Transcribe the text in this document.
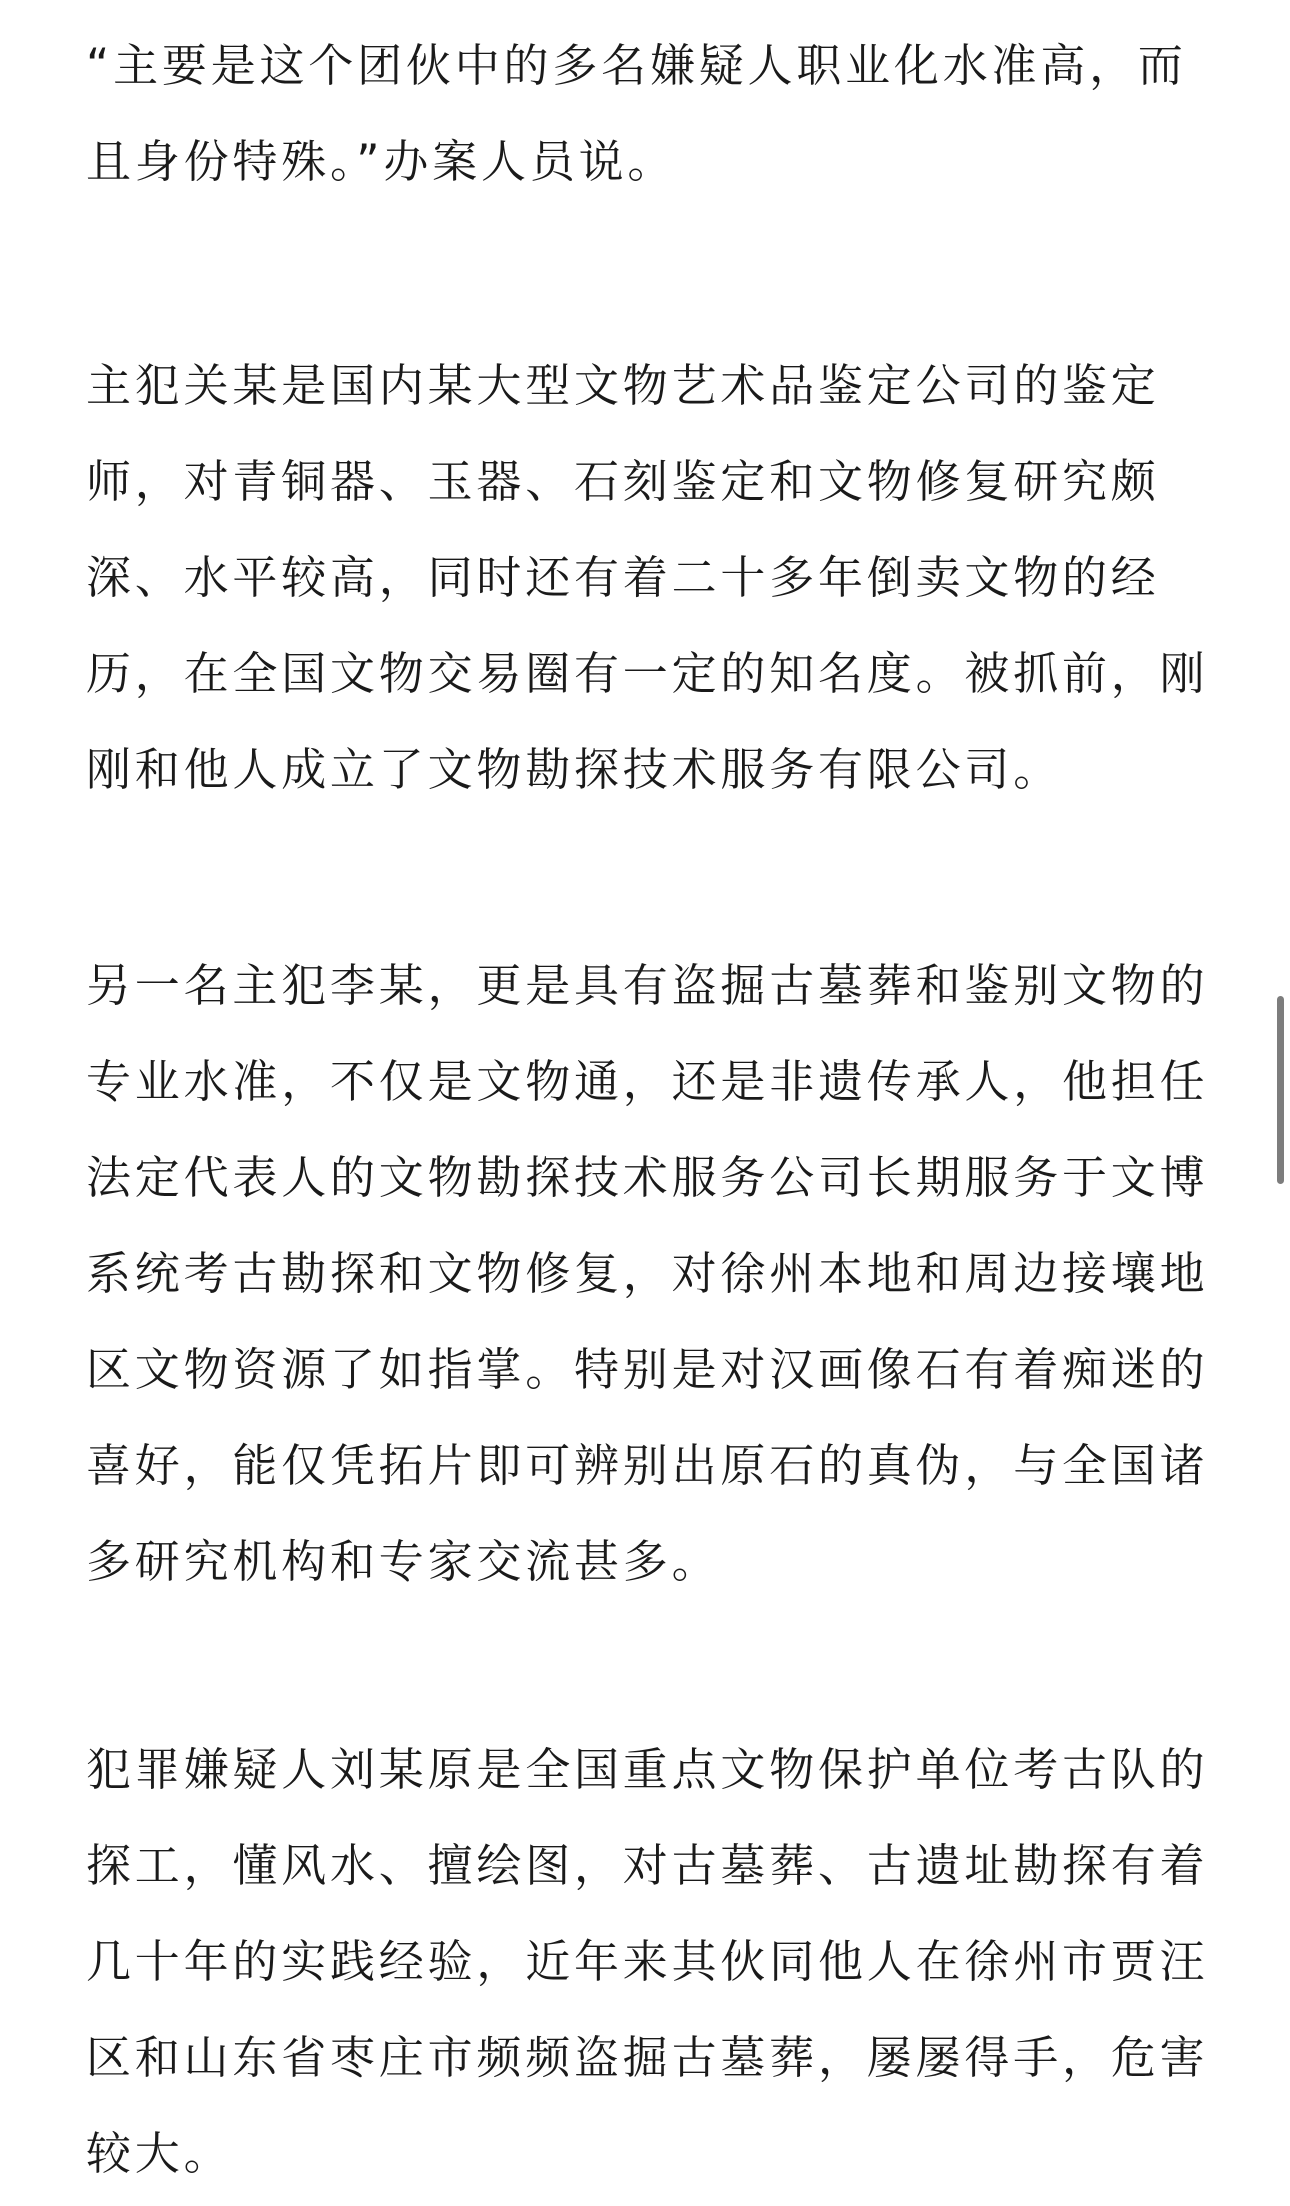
“主要是这个团伙中的多名嫌疑人职业化水准高，而
且身份特殊。”办案人员说。
主犯关某是国内某大型文物艺术品鉴定公司的鉴定
师，对青铜器、玉器、石刻鉴定和文物修复研究颇
深、水平较高，同时还有着二十多年倒卖文物的经
历，在全国文物交易圈有一定的知名度。被抓前，刚
刚和他人成立了文物勘探技术服务有限公司。
另一名主犯李某，更是具有盗掘古墓葬和鉴别文物的
专业水准，不仅是文物通，还是非遗传承人，他担任
法定代表人的文物勘探技术服务公司长期服务于文博
系统考古勘探和文物修复，对徐州本地和周边接壤地
区文物资源了如指掌。特别是对汉画像石有着痴迷的
喜好，能仅凭拓片即可辨别出原石的真伪，与全国诸
多研究机构和专家交流甚多。
犯罪嫌疑人刘某原是全国重点文物保护单位考古队的
探工，懂风水、擅绘图，对古墓葬、古遗址勘探有着
几十年的实践经验，近年来其伙同他人在徐州市贾汪
区和山东省枣庄市频频盗掘古墓葬，屡屡得手，危害
较大。
